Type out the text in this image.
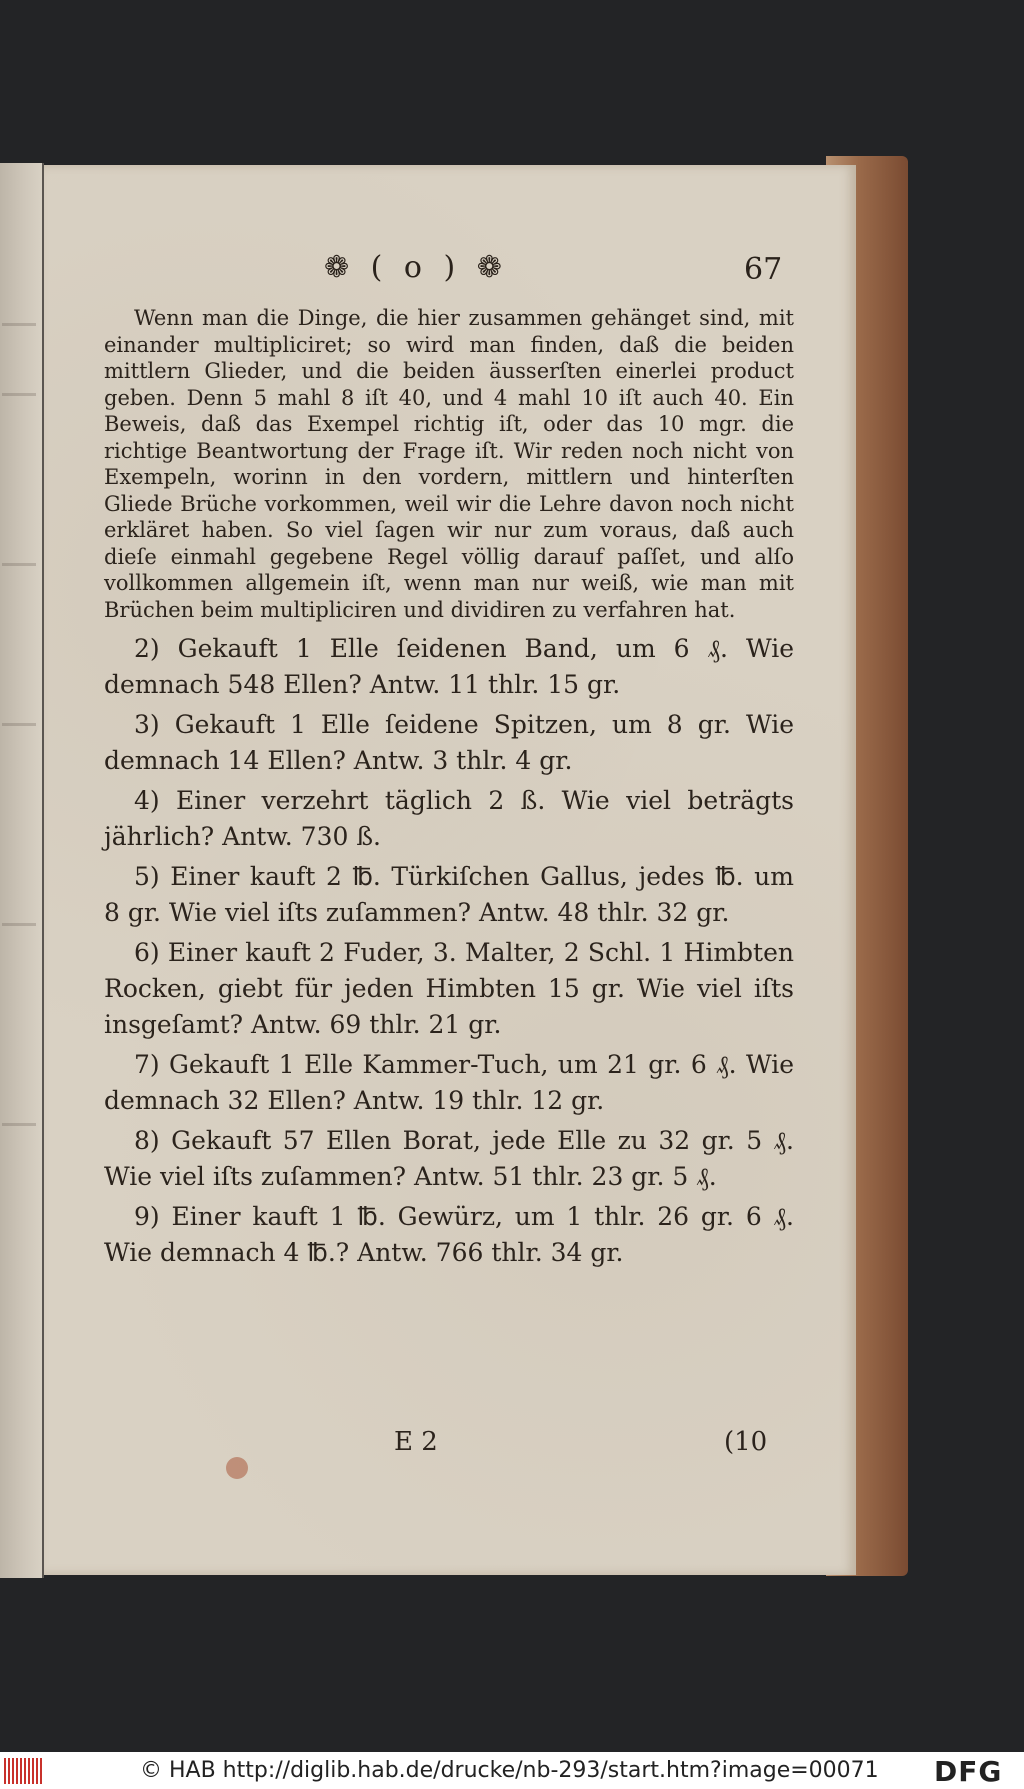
❁ ( o ) ❁	67

Wenn man die Dinge, die hier zusammen gehänget sind, mit einander multipliciret; so wird man finden, daß die beiden mittlern Glieder, und die beiden äusserſten einerlei product geben. Denn 5 mahl 8 iſt 40, und 4 mahl 10 iſt auch 40. Ein Beweis, daß das Exempel richtig iſt, oder das 10 mgr. die richtige Beantwortung der Frage iſt. Wir reden noch nicht von Exempeln, worinn in den vordern, mittlern und hinterſten Gliede Brüche vorkommen, weil wir die Lehre davon noch nicht erkläret haben. So viel ſagen wir nur zum voraus, daß auch dieſe einmahl gegebene Regel völlig darauf paſſet, und alſo vollkommen allgemein iſt, wenn man nur weiß, wie man mit Brüchen beim multipliciren und dividiren zu verfahren hat.

2) Gekauft 1 Elle ſeidenen Band, um 6 ₰. Wie demnach 548 Ellen? Antw. 11 thlr. 15 gr.

3) Gekauft 1 Elle ſeidene Spitzen, um 8 gr. Wie demnach 14 Ellen? Antw. 3 thlr. 4 gr.

4) Einer verzehrt täglich 2 ß. Wie viel beträgts jährlich? Antw. 730 ß.

5) Einer kauft 2 ℔. Türkiſchen Gallus, jedes ℔. um 8 gr. Wie viel iſts zuſammen? Antw. 48 thlr. 32 gr.

6) Einer kauft 2 Fuder, 3. Malter, 2 Schl. 1 Himbten Rocken, giebt für jeden Himbten 15 gr. Wie viel iſts insgeſamt? Antw. 69 thlr. 21 gr.

7) Gekauft 1 Elle Kammer-Tuch, um 21 gr. 6 ₰. Wie demnach 32 Ellen? Antw. 19 thlr. 12 gr.

8) Gekauft 57 Ellen Borat, jede Elle zu 32 gr. 5 ₰. Wie viel iſts zuſammen? Antw. 51 thlr. 23 gr. 5 ₰.

9) Einer kauft 1 ℔. Gewürz, um 1 thlr. 26 gr. 6 ₰. Wie demnach 4 ℔.? Antw. 766 thlr. 34 gr.

E 2	(10
© HAB http://diglib.hab.de/drucke/nb-293/start.htm?image=00071 DFG
